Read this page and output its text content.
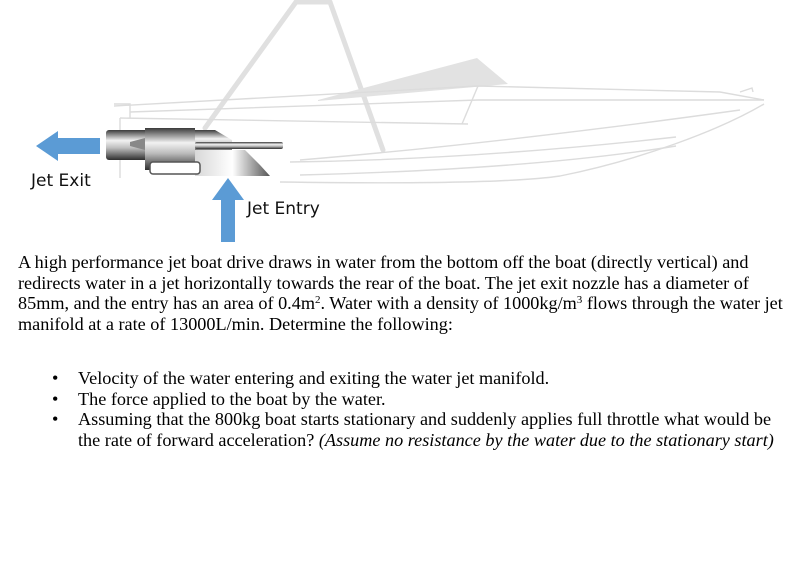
Jet Exit
Jet Entry
A high performance jet boat drive draws in water from the bottom off the boat (directly vertical) and redirects water in a jet horizontally towards the rear of the boat. The jet exit nozzle has a diameter of 85mm, and the entry has an area of $0.4m^2$. Water with a density of $1000kg/m^3$ flows through the water jet manifold at a rate of 13000L/min. Determine the following:
• Velocity of the water entering and exiting the water jet manifold.
• The force applied to the boat by the water.
• Assuming that the 800kg boat starts stationary and suddenly applies full throttle what would be the rate of forward acceleration? (Assume no resistance by the water due to the stationary start)
